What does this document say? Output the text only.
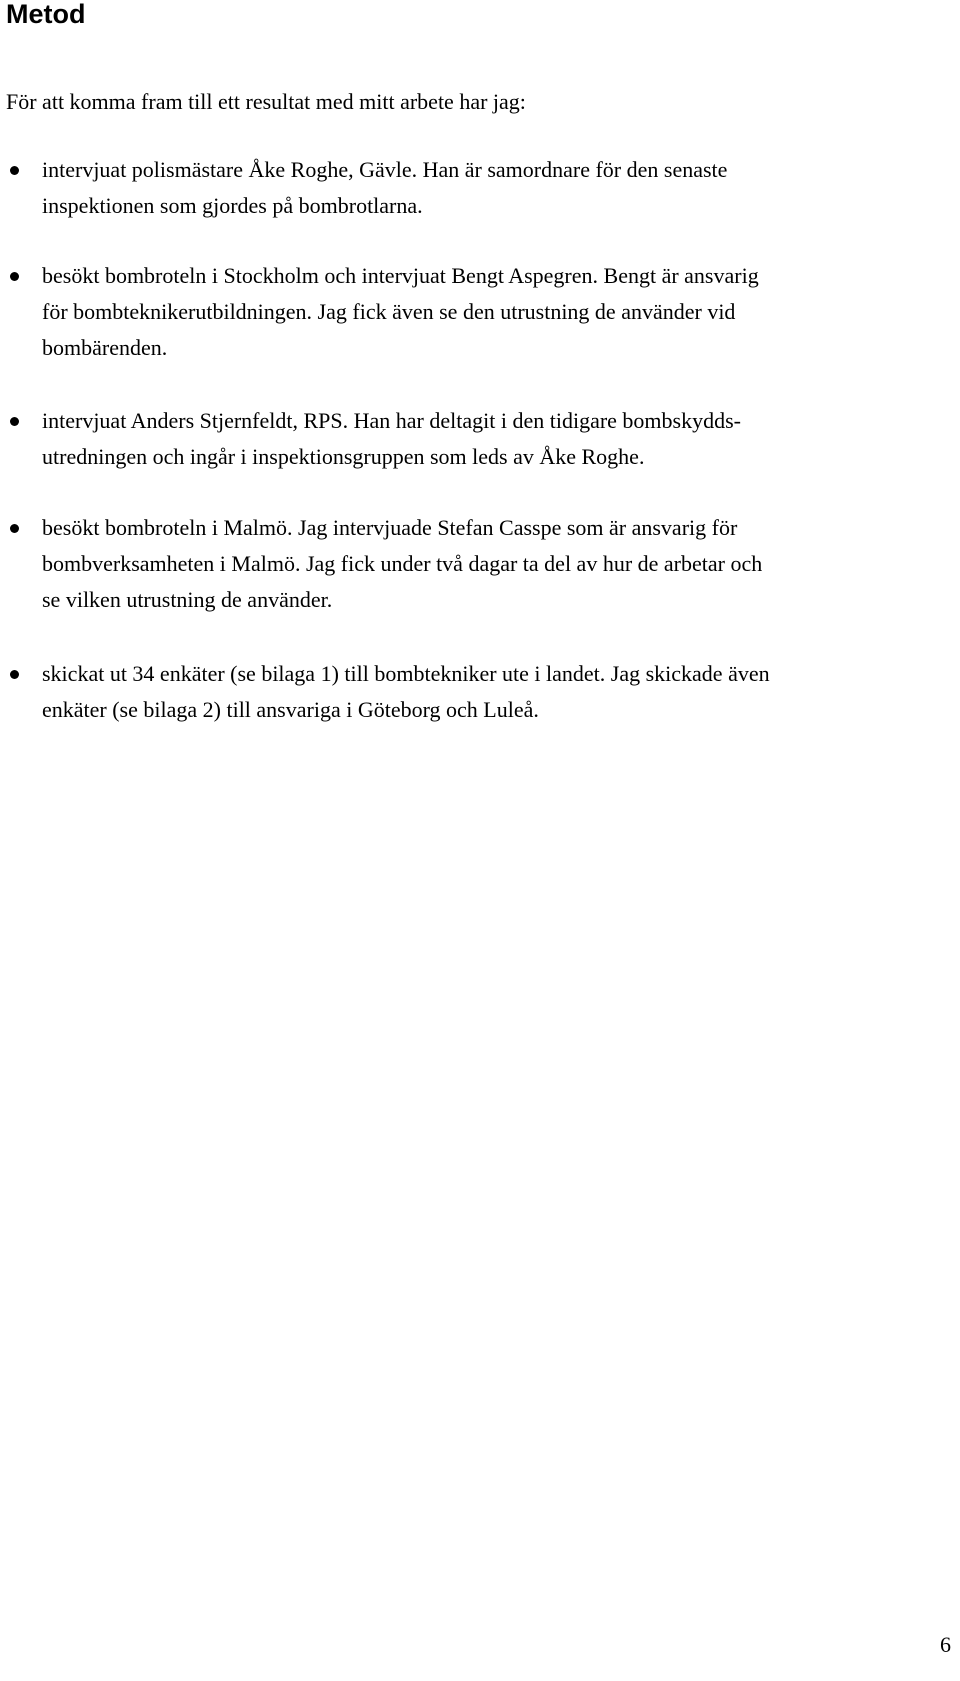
Metod

För att komma fram till ett resultat med mitt arbete har jag:

intervjuat polismästare Åke Roghe, Gävle. Han är samordnare för den senaste
inspektionen som gjordes på bombrotlarna.

besökt bombroteln i Stockholm och intervjuat Bengt Aspegren. Bengt är ansvarig
för bombteknikerutbildningen. Jag fick även se den utrustning de använder vid
bombärenden.

intervjuat Anders Stjernfeldt, RPS. Han har deltagit i den tidigare bombskydds-
utredningen och ingår i inspektionsgruppen som leds av Åke Roghe.

besökt bombroteln i Malmö. Jag intervjuade Stefan Casspe som är ansvarig för
bombverksamheten i Malmö. Jag fick under två dagar ta del av hur de arbetar och
se vilken utrustning de använder.

skickat ut 34 enkäter (se bilaga 1) till bombtekniker ute i landet. Jag skickade även
enkäter (se bilaga 2) till ansvariga i Göteborg och Luleå.

6
